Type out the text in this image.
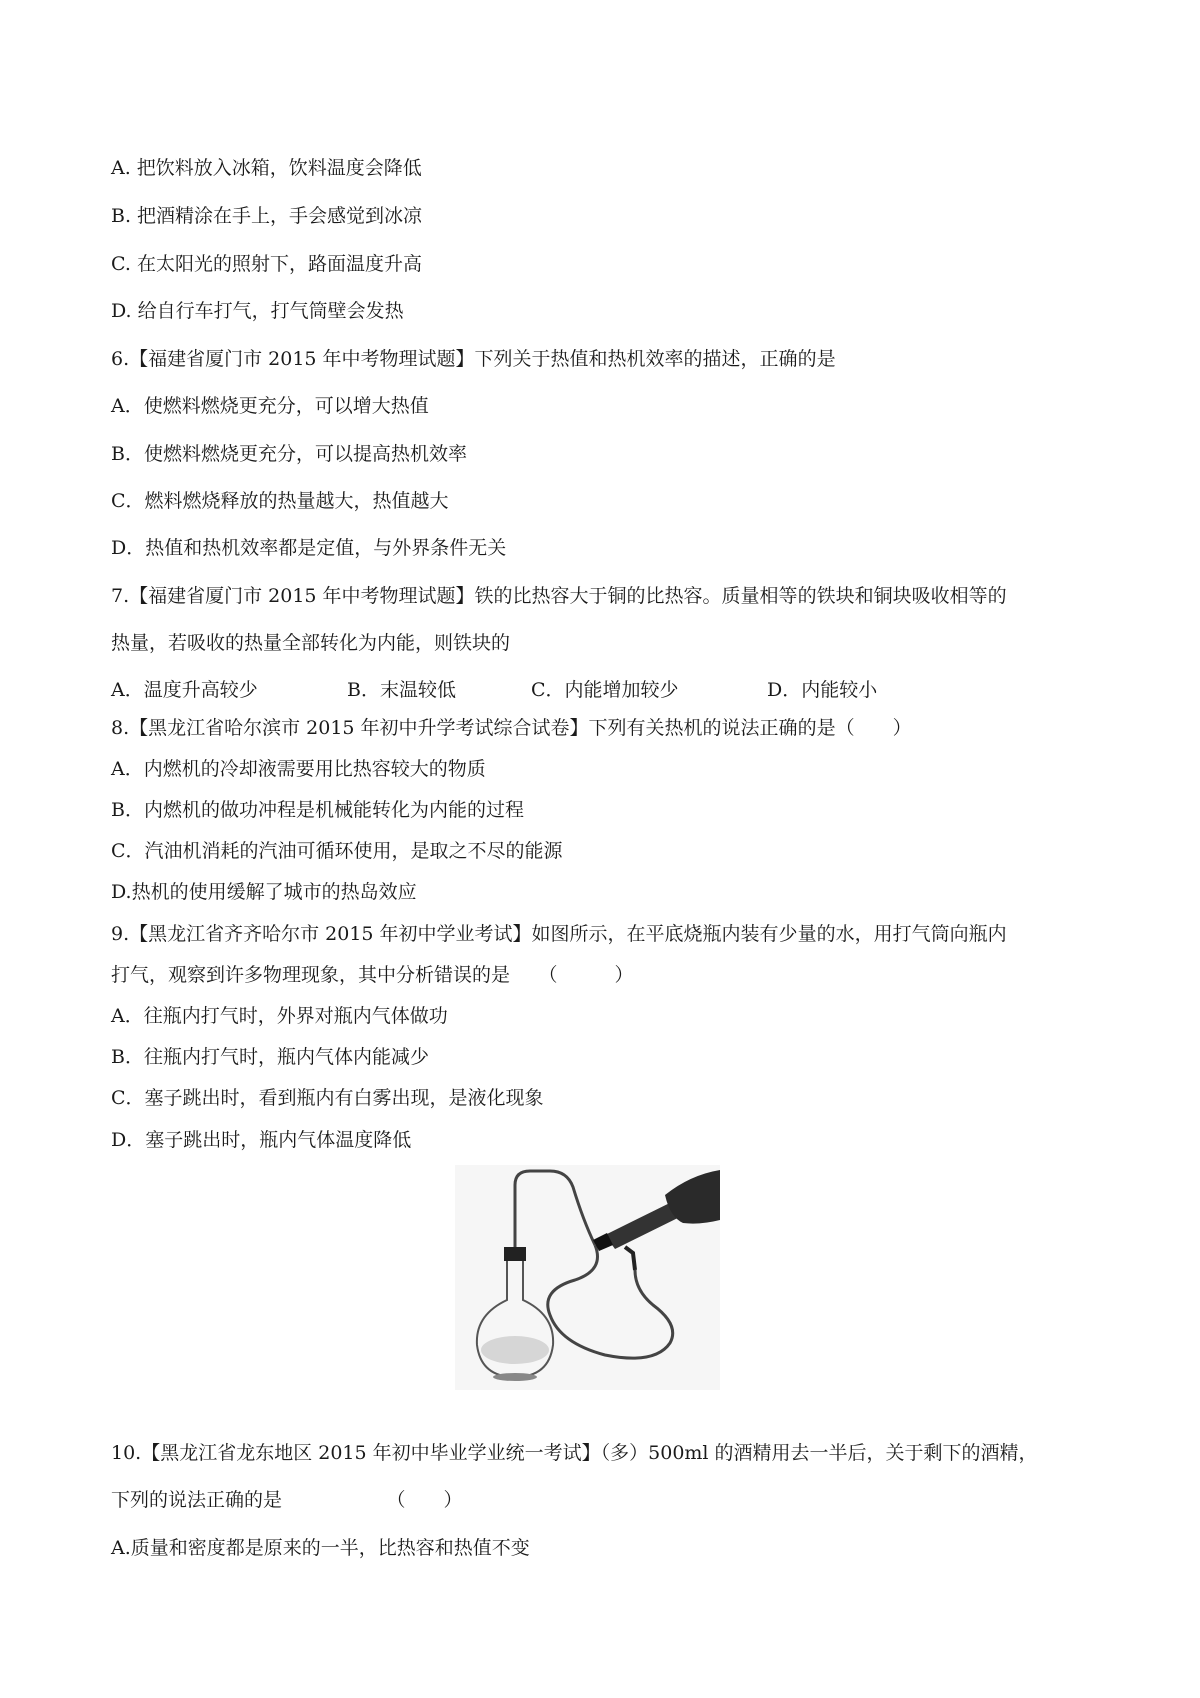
A. 把饮料放入冰箱，饮料温度会降低
B. 把酒精涂在手上，手会感觉到冰凉
C. 在太阳光的照射下，路面温度升高
D. 给自行车打气，打气筒壁会发热
6.【福建省厦门市 2015 年中考物理试题】下列关于热值和热机效率的描述，正确的是
A．使燃料燃烧更充分，可以增大热值
B．使燃料燃烧更充分，可以提高热机效率
C．燃料燃烧释放的热量越大，热值越大
D．热值和热机效率都是定值，与外界条件无关
7.【福建省厦门市 2015 年中考物理试题】铁的比热容大于铜的比热容。质量相等的铁块和铜块吸收相等的
热量，若吸收的热量全部转化为内能，则铁块的
A．温度升高较少	B．末温较低	C．内能增加较少	D．内能较小
8.【黑龙江省哈尔滨市 2015 年初中升学考试综合试卷】下列有关热机的说法正确的是（　　）
A．内燃机的冷却液需要用比热容较大的物质
B．内燃机的做功冲程是机械能转化为内能的过程
C．汽油机消耗的汽油可循环使用，是取之不尽的能源
D.热机的使用缓解了城市的热岛效应
9.【黑龙江省齐齐哈尔市 2015 年初中学业考试】如图所示，在平底烧瓶内装有少量的水，用打气筒向瓶内
打气，观察到许多物理现象，其中分析错误的是　　（　　　）
A．往瓶内打气时，外界对瓶内气体做功
B．往瓶内打气时，瓶内气体内能减少
C．塞子跳出时，看到瓶内有白雾出现，是液化现象
D．塞子跳出时，瓶内气体温度降低
10.【黑龙江省龙东地区 2015 年初中毕业学业统一考试】（多）500ml 的酒精用去一半后，关于剩下的酒精，
下列的说法正确的是　　　　　　（　　）
A.质量和密度都是原来的一半，比热容和热值不变
